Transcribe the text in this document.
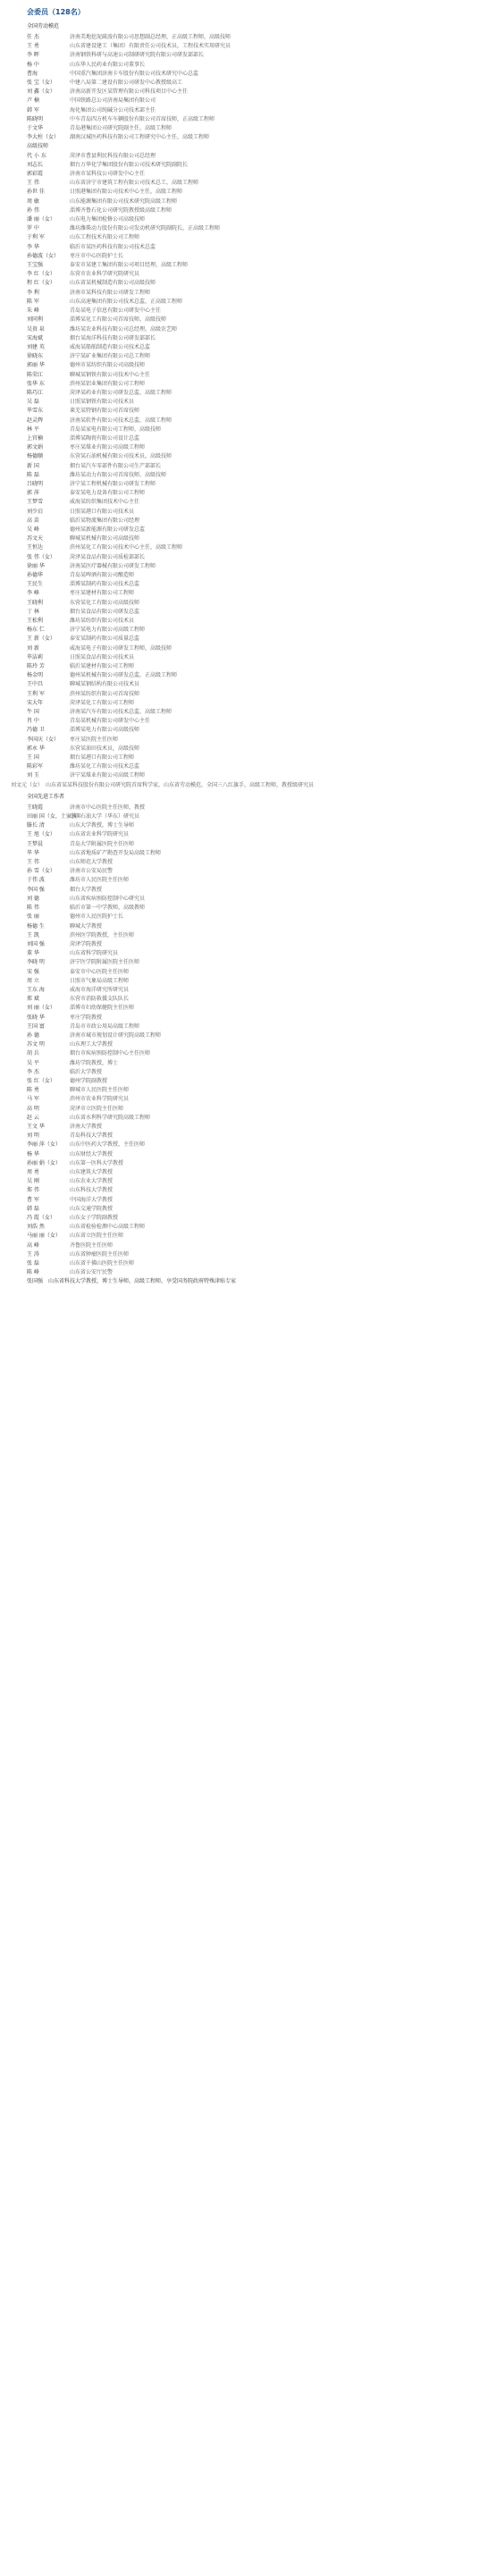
会委员（128名）
全国劳动模范
任 杰	济南美地挖泥疏浚有限公司思想副总经理，正高级工程师，高级技师
王 勇	山东省建设建工（集团）有限责任公司技术员，工程技术实用研究员
李 晖	济南钢铁科研与高速公司制研研究院有限公司研发部部长
杨 中	山东华人民药业有限公司董事长
曹海	中国重汽集团济南卡车股份有限公司技术研究中心总监
张 宝（女）	中建八局第二建设有限公司研发中心教授级高工
刘 鑫（女）	济南高新开发区某管理有限公司科技项目中心主任
卢 楠	中国铁路总公司济南局集团有限公司
韩 军	海化集团公司纯碱分公司技术部主任
陈晓明	中车青岛四方机车车辆股份有限公司首席技师，正高级工程师
于文华	青岛港集团公司研究院副主任，高级工程师
李大柱（女） 湖南汉城医药科技有限公司工程研究中心主任，高级工程师
高级技师
代 小 东	菏泽市曹县利民科技有限公司总经理
刘志长	烟台万华化学集团股份有限公司技术研究院副院长
郭彩霞	济南市某科技公司研发中心主任
王 伟	山东省济宁市建筑工程有限公司技术总工，高级工程师
孙世 佳	日照港集团有限公司技术中心主任，高级工程师
周 敏	山东能源集团有限公司技术研究院高级工程师
孙 伟	淄博齐鲁石化公司研究院教授级高级工程师
潘 丽（女）	山东电力集团检修公司高级技师
罗 中	潍坊潍柴动力股份有限公司发动机研究院副院长，正高级工程师
于利 军	山东工程技术有限公司工程师
李 华	临沂市某医药科技有限公司技术总监
孙德波（女） 枣庄市中心医院护士长
王宝强	泰安市某建工集团有限公司项目经理，高级工程师
李 红（女）	东营市农业科学研究院研究员
程 红（女）	山东省某机械制造有限公司高级技师
李 利	济南市某科技有限公司研发工程师
陈 军	山东高速集团有限公司技术总监，正高级工程师
朱 峰	青岛某电子信息有限公司研发中心主任
刘同利	淄博某化工有限公司首席技师，高级技师
吴贵 泉	潍坊某农业科技有限公司总经理，高级农艺师
宋海斌	烟台某海洋科技有限公司研发部部长
刘建 英	威海某船舶制造有限公司技术总监
徐晓东	济宁某矿业集团有限公司总工程师
郭丽 华	德州市某纺织有限公司高级技师
陈荣江	聊城某钢铁有限公司技术中心主任
张华 东	滨州某铝业集团有限公司工程师
陈巧江	菏泽某药业有限公司研发总监，高级工程师
吴 磊	日照某钢铁有限公司技术员
毕雪东	莱芜某特钢有限公司首席技师
赵灵辉	济南某软件有限公司技术总监，高级工程师
林 平	青岛某家电有限公司工程师，高级技师
上官楠	淄博某陶瓷有限公司设计总监
郭文娟	枣庄某煤业有限公司高级工程师
杨德顺	东营某石油机械有限公司技术员，高级技师
新 国	烟台某汽车零部件有限公司生产部部长
陈 磊	潍坊某动力有限公司首席技师，高级技师
吕晓明	济宁某工程机械有限公司研发工程师
郭 萍	泰安某电力设备有限公司工程师
王梦雪	威海某纺织集团技术中心主任
刘少启	日照某港口有限公司技术员
高 苗	临沂某物流集团有限公司经理
吴 峰	德州某新能源有限公司研发总监
苏文天	聊城某机械有限公司高级技师
王恒达	滨州某化工有限公司技术中心主任，高级工程师
张 伟（女）	菏泽某食品有限公司质检部部长
徐丽 华	济南某医疗器械有限公司研发工程师
孙德华	青岛某啤酒有限公司酿造师
王民生	淄博某制药有限公司技术总监
李 峰	枣庄某建材有限公司工程师
王晓利	东营某化工有限公司高级技师
丁 林	烟台某食品有限公司研发总监
王松利	潍坊某纺织有限公司技术员
杨东 仁	济宁某电力有限公司高级工程师
王 新（女）	泰安某制药有限公司质量总监
刘 新	威海某电子有限公司研发工程师，高级技师
毕洁莉	日照某食品有限公司技术员
陈玲 芳	临沂某建材有限公司工程师
杨金明	德州某机械有限公司研发总监，正高级工程师
王中昌	聊城某钢结构有限公司技术员
王利 军	滨州某纺织有限公司首席技师
宋大年	菏泽某化工有限公司工程师
牛 国	济南某汽车有限公司技术总监，高级工程师
肖 中	青岛某机械有限公司研发中心主任
冯德 卫	淄博某电力有限公司高级技师
李国庆（女） 枣庄某医院主任医师
郭永 华	东营某油田技术员，高级技师
王 国	烟台某港口有限公司工程师
陈彩军	潍坊某化工有限公司技术总监
刘 玉	济宁某煤业有限公司高级工程师
刘文元（女）　山东省某某科技股份有限公司研究院首席科学家，山东省劳动模范，全国三八红旗手，高级工程师，教授级研究员
全国先进工作者
王晓霞	济南市中心医院主任医师，教授
田丽 国（女，土家族）中国石油大学（华东）研究员
滕长 清	山东大学教授，博士生导师
王 旭（女）	山东省农业科学院研究员
王梦晨	青岛大学附属医院主任医师
毕 华	山东省地质矿产勘查开发局高级工程师
王 伟	山东师范大学教授
孙 雪（女）	济南市公安局民警
于伟 波	潍坊市人民医院主任医师
李国 强	烟台大学教授
刘 德	山东省疾病预防控制中心研究员
陈 伟	临沂市第一中学教师，高级教师
张 丽	德州市人民医院护士长
杨德 生	聊城大学教授
王 凯	滨州医学院教授，主任医师
刘国 强	菏泽学院教授
董 华	山东省科学院研究员
李晓 明	济宁医学院附属医院主任医师
宋 强	泰安市中心医院主任医师
周 立	日照市气象局高级工程师
王东 海	威海市海洋研究所研究员
郑 斌	东营市消防救援支队队长
刘 丽（女）	淄博市妇幼保健院主任医师
张晓 华	枣庄学院教授
王国 富	青岛市市政公用局高级工程师
孙 德	济南市城市规划设计研究院高级工程师
苏文 明	山东理工大学教授
胡 兵	烟台市疾病预防控制中心主任医师
吴 平	潍坊学院教授，博士
李 杰	临沂大学教授
张 红（女）	德州学院副教授
陈 勇	聊城市人民医院主任医师
马 军	滨州市农业科学院研究员
高 明	菏泽市立医院主任医师
赵 云	山东省水利科学研究院高级工程师
王文 华	济南大学教授
刘 明	青岛科技大学教授
李丽 萍（女） 山东中医药大学教授，主任医师
杨 华	山东财经大学教授
孙丽 娟（女） 山东第一医科大学教授
周 勇	山东建筑大学教授
吴 刚	山东农业大学教授
郑 伟	山东科技大学教授
曹 军	中国海洋大学教授
韩 磊	山东交通学院教授
冯 霞（女）	山东女子学院副教授
刘浩 然	山东省检验检测中心高级工程师
马丽 丽（女） 山东省立医院主任医师
高 峰	齐鲁医院主任医师
王 涛	山东省肿瘤医院主任医师
张 磊	山东省千佛山医院主任医师
陈 峰	山东省公安厅民警
张国强　山东省科技大学教授，博士生导师，高级工程师，享受国务院政府特殊津贴专家
